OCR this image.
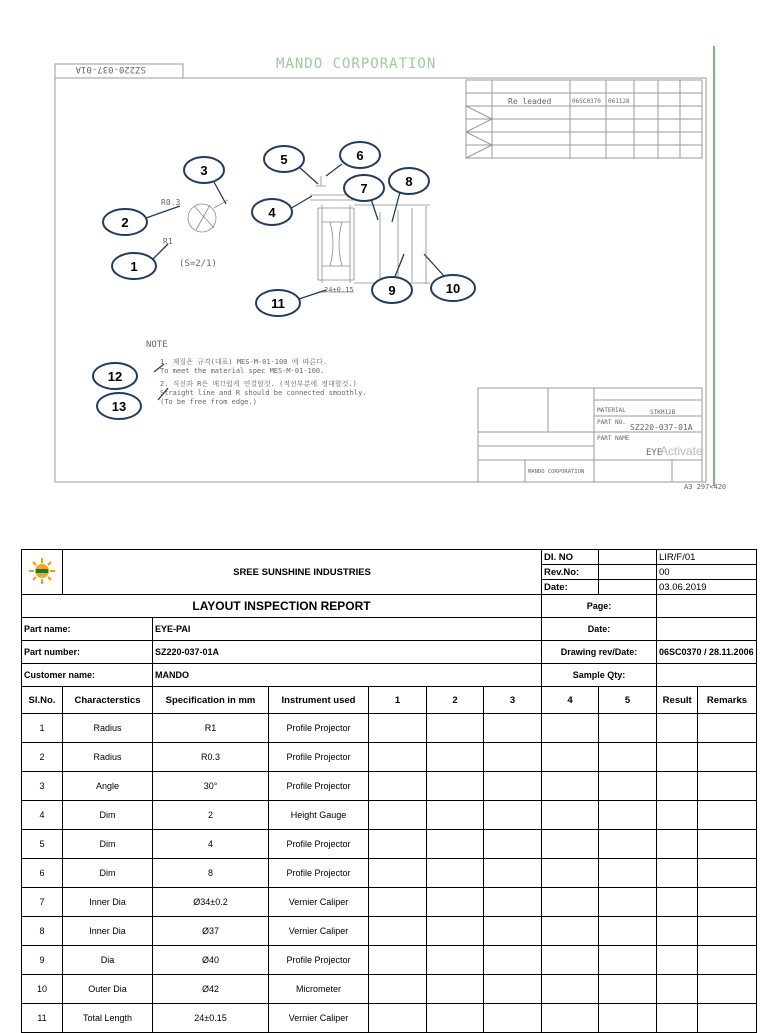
SZ220-037-01A	MANDO CORPORATION
Re leaded	06SC0370 061128
R0.3
R1
(S=2/1)
24±0.15
NOTE
1. 재질은 규격(대표) MES-M-01-100 에 따른다.
To meet the material spec MES-M-01-100.
2. 직선과 R은 매끄럽게 연결할것. (직선부분에 정대할것.)
Straight line and R should be connected smoothly.
(To be free from edge.)
MATERIAL	STKM12B
PART NO.
SZ220-037-01A
PART NAME
EYE
MANDO CORPORATION
Activate
A3 297×420
1
2
3
4
5	6
7	8
9	10
11
12
13
	SREE SUNSHINE INDUSTRIES						DI. NO		LIR/F/01	
							Rev.No:		00	
							Date:		03.06.2019	
LAYOUT INSPECTION REPORT							Page:			
Part name:		EYE-PAI					Date:			
Part number:		SZ220-037-01A					Drawing rev/Date:		06SC0370 / 28.11.2006	
Customer name:		MANDO					Sample Qty:			
Sl.No.	Characterstics	Specification in mm	Instrument used	1	2	3	4	5	Result	Remarks
1	Radius	R1	Profile Projector							
2	Radius	R0.3	Profile Projector							
3	Angle	30°	Profile Projector							
4	Dim	2	Height Gauge							
5	Dim	4	Profile Projector							
6	Dim	8	Profile Projector							
7	Inner Dia	Ø34±0.2	Vernier Caliper							
8	Inner Dia	Ø37	Vernier Caliper							
9	Dia	Ø40	Profile Projector							
10	Outer Dia	Ø42	Micrometer							
11	Total Length	24±0.15	Vernier Caliper							
